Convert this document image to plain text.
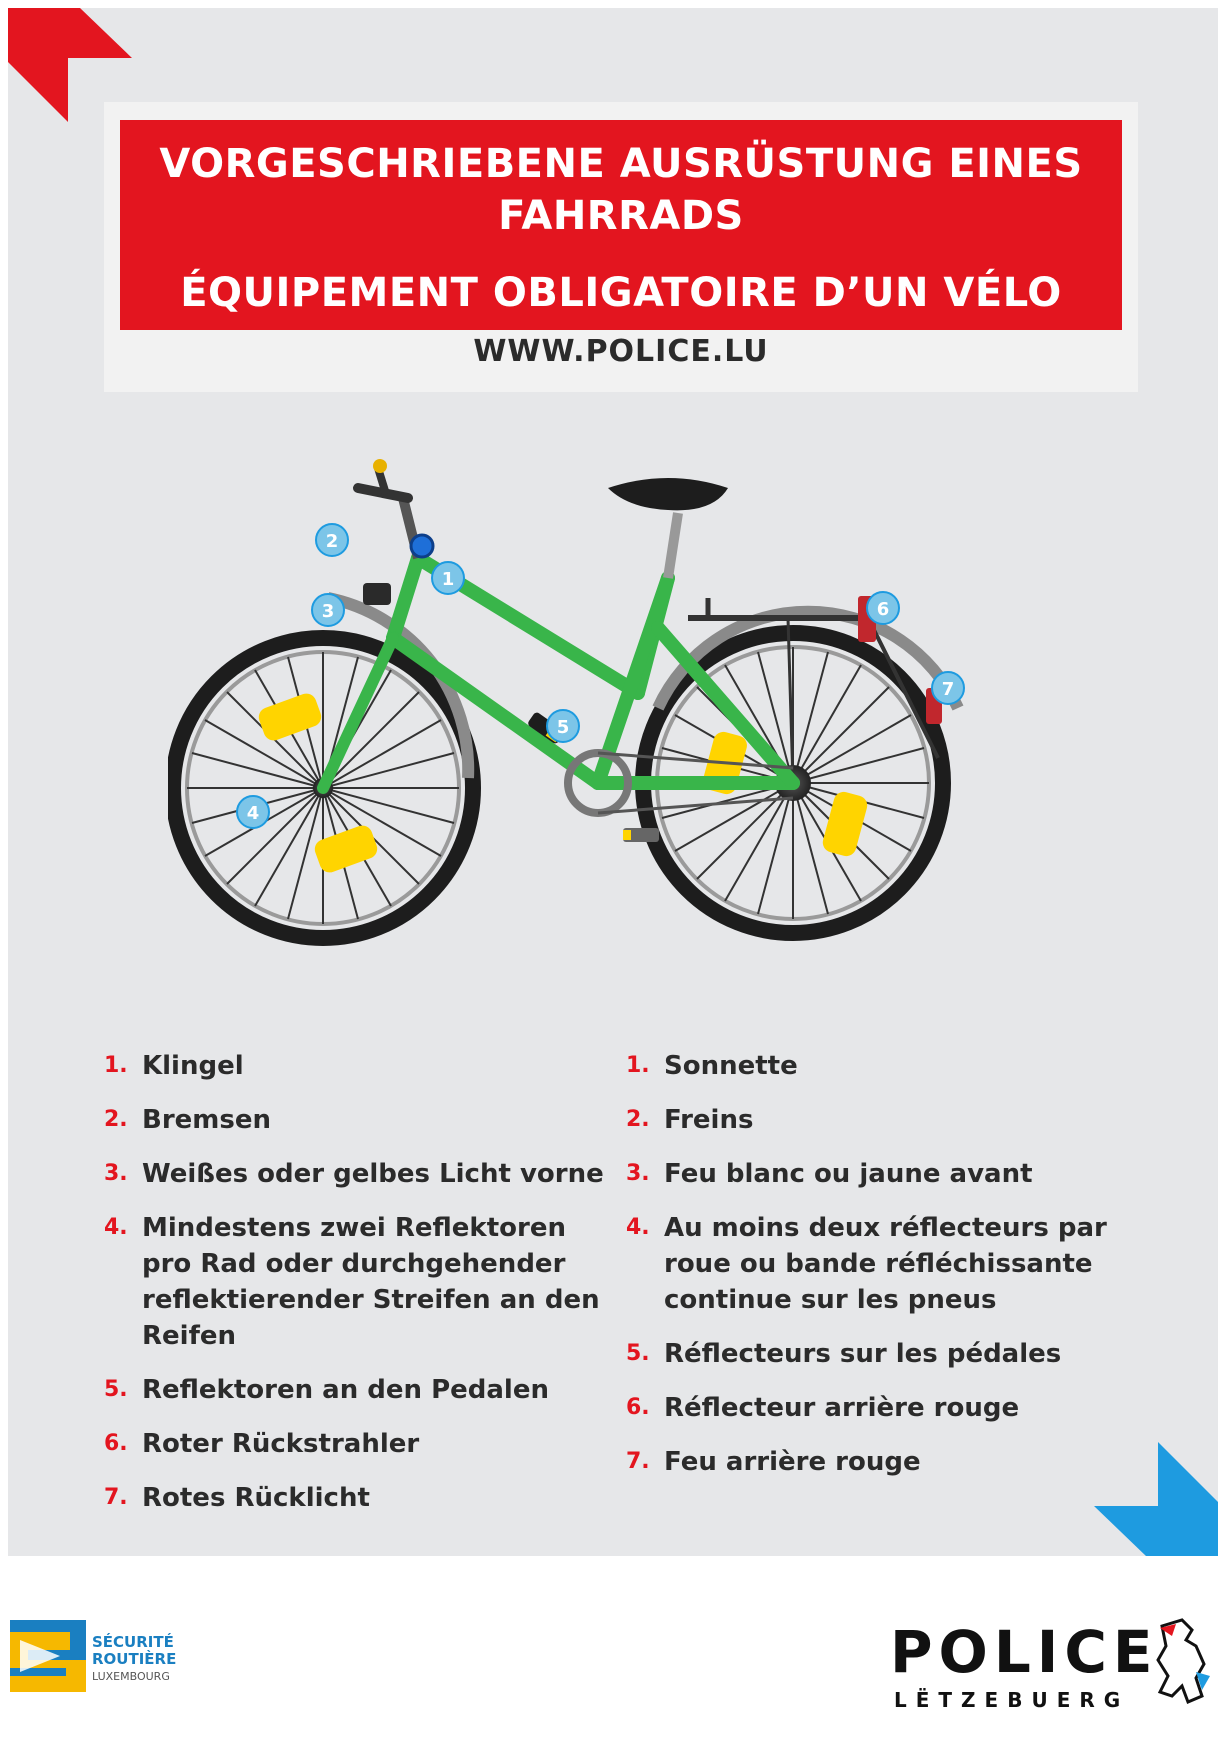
VORGESCHRIEBENE AUSRÜSTUNG EINES FAHRRADS
ÉQUIPEMENT OBLIGATOIRE D’UN VÉLO
WWW.POLICE.LU
1
2
3
4
5
6
7
1. Klingel
2. Bremsen
3. Weißes oder gelbes Licht vorne
4. Mindestens zwei Reflektoren pro Rad oder durchgehender reflektierender Streifen an den Reifen
5. Reflektoren an den Pedalen
6. Roter Rückstrahler
7. Rotes Rücklicht
1. Sonnette
2. Freins
3. Feu blanc ou jaune avant
4. Au moins deux réflecteurs par roue ou bande réfléchissante continue sur les pneus
5. Réflecteurs sur les pédales
6. Réflecteur arrière rouge
7. Feu arrière rouge
SÉCURITÉ
ROUTIÈRE
LUXEMBOURG	POLICE
LËTZEBUERG
